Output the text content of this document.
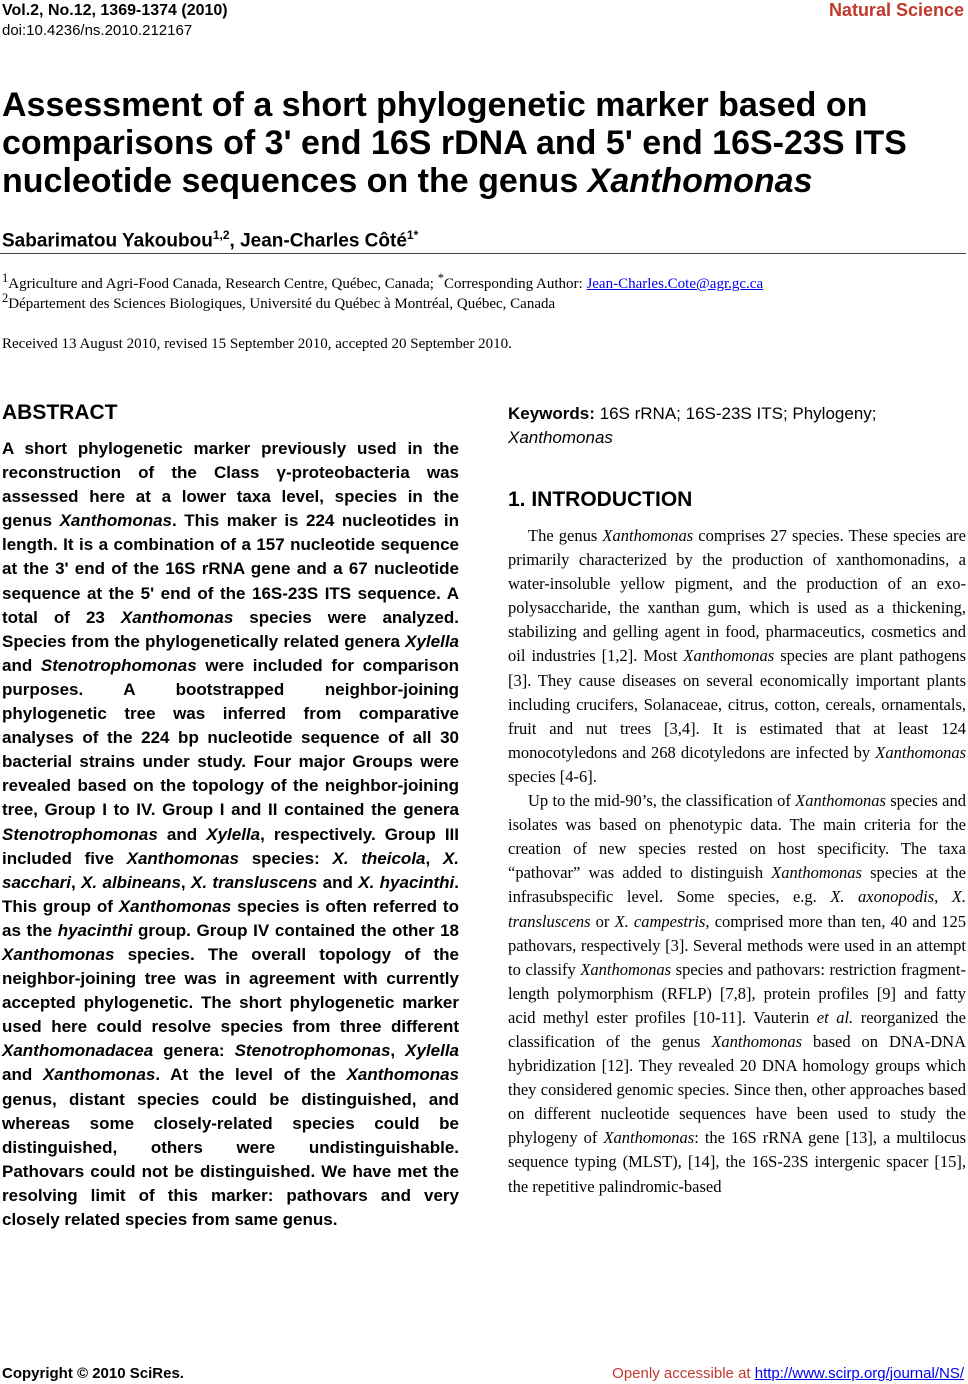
Vol.2, No.12, 1369-1374 (2010)
doi:10.4236/ns.2010.212167
Natural Science
Assessment of a short phylogenetic marker based on comparisons of 3' end 16S rDNA and 5' end 16S-23S ITS nucleotide sequences on the genus Xanthomonas
Sabarimatou Yakoubou$^{1,2}$, Jean-Charles Côté$^{1*}$
$^1$Agriculture and Agri-Food Canada, Research Centre, Québec, Canada; *Corresponding Author: Jean-Charles.Cote@agr.gc.ca
$^2$Département des Sciences Biologiques, Université du Québec à Montréal, Québec, Canada
Received 13 August 2010, revised 15 September 2010, accepted 20 September 2010.
ABSTRACT
A short phylogenetic marker previously used in the reconstruction of the Class γ-proteobacteria was assessed here at a lower taxa level, species in the genus Xanthomonas. This maker is 224 nucleotides in length. It is a combination of a 157 nucleotide sequence at the 3' end of the 16S rRNA gene and a 67 nucleotide sequence at the 5' end of the 16S-23S ITS sequence. A total of 23 Xanthomonas species were analyzed. Species from the phylogenetically related genera Xylella and Stenotrophomonas were included for comparison purposes. A bootstrapped neighbor-joining phylogenetic tree was inferred from comparative analyses of the 224 bp nucleotide sequence of all 30 bacterial strains under study. Four major Groups were revealed based on the topology of the neighbor-joining tree, Group I to IV. Group I and II contained the genera Stenotrophomonas and Xylella, respectively. Group III included five Xanthomonas species: X. theicola, X. sacchari, X. albineans, X. transluscens and X. hyacinthi. This group of Xanthomonas species is often referred to as the hyacinthi group. Group IV contained the other 18 Xanthomonas species. The overall topology of the neighbor-joining tree was in agreement with currently accepted phylogenetic. The short phylogenetic marker used here could resolve species from three different Xanthomonadacea genera: Stenotrophomonas, Xylella and Xanthomonas. At the level of the Xanthomonas genus, distant species could be distinguished, and whereas some closely-related species could be distinguished, others were undistinguishable. Pathovars could not be distinguished. We have met the resolving limit of this marker: pathovars and very closely related species from same genus.
Keywords: 16S rRNA; 16S-23S ITS; Phylogeny; Xanthomonas
1. INTRODUCTION

The genus Xanthomonas comprises 27 species. These species are primarily characterized by the production of xanthomonadins, a water-insoluble yellow pigment, and the production of an exo-polysaccharide, the xanthan gum, which is used as a thickening, stabilizing and gelling agent in food, pharmaceutics, cosmetics and oil industries [1,2]. Most Xanthomonas species are plant pathogens [3]. They cause diseases on several economically important plants including crucifers, Solanaceae, citrus, cotton, cereals, ornamentals, fruit and nut trees [3,4]. It is estimated that at least 124 monocotyledons and 268 dicotyledons are infected by Xanthomonas species [4-6].

Up to the mid-90’s, the classification of Xanthomonas species and isolates was based on phenotypic data. The main criteria for the creation of new species rested on host specificity. The taxa “pathovar” was added to distinguish Xanthomonas species at the infrasubspecific level. Some species, e.g. X. axonopodis, X. transluscens or X. campestris, comprised more than ten, 40 and 125 pathovars, respectively [3]. Several methods were used in an attempt to classify Xanthomonas species and pathovars: restriction fragment-length polymorphism (RFLP) [7,8], protein profiles [9] and fatty acid methyl ester profiles [10-11]. Vauterin et al. reorganized the classification of the genus Xanthomonas based on DNA-DNA hybridization [12]. They revealed 20 DNA homology groups which they considered genomic species. Since then, other approaches based on different nucleotide sequences have been used to study the phylogeny of Xanthomonas: the 16S rRNA gene [13], a multilocus sequence typing (MLST), [14], the 16S-23S intergenic spacer [15], the repetitive palindromic-based

Copyright © 2010 SciRes.	Openly accessible at http://www.scirp.org/journal/NS/
